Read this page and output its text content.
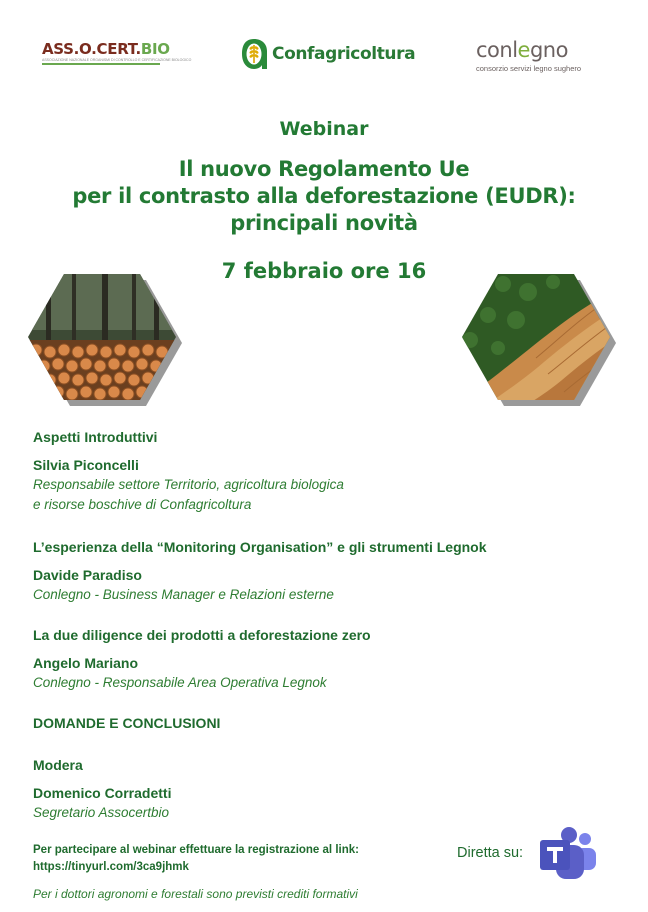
ASS.O.CERT.BIO
ASSOCIAZIONE NAZIONALE ORGANISMI DI CONTROLLO E CERTIFICAZIONE BIOLOGICO	Confagricoltura	conlegno
consorzio servizi legno sughero
Webinar
Il nuovo Regolamento Ue
per il contrasto alla deforestazione (EUDR):
principali novità
7 febbraio ore 16
Aspetti Introduttivi
Silvia Piconcelli
Responsabile settore Territorio, agricoltura biologica
e risorse boschive di Confagricoltura
L’esperienza della “Monitoring Organisation” e gli strumenti Legnok
Davide Paradiso
Conlegno - Business Manager e Relazioni esterne
La due diligence dei prodotti a deforestazione zero
Angelo Mariano
Conlegno - Responsabile Area Operativa Legnok
DOMANDE E CONCLUSIONI
Modera
Domenico Corradetti
Segretario Assocertbio
Per partecipare al webinar effettuare la registrazione al link:
https://tinyurl.com/3ca9jhmk
Per i dottori agronomi e forestali sono previsti crediti formativi
Diretta su:
